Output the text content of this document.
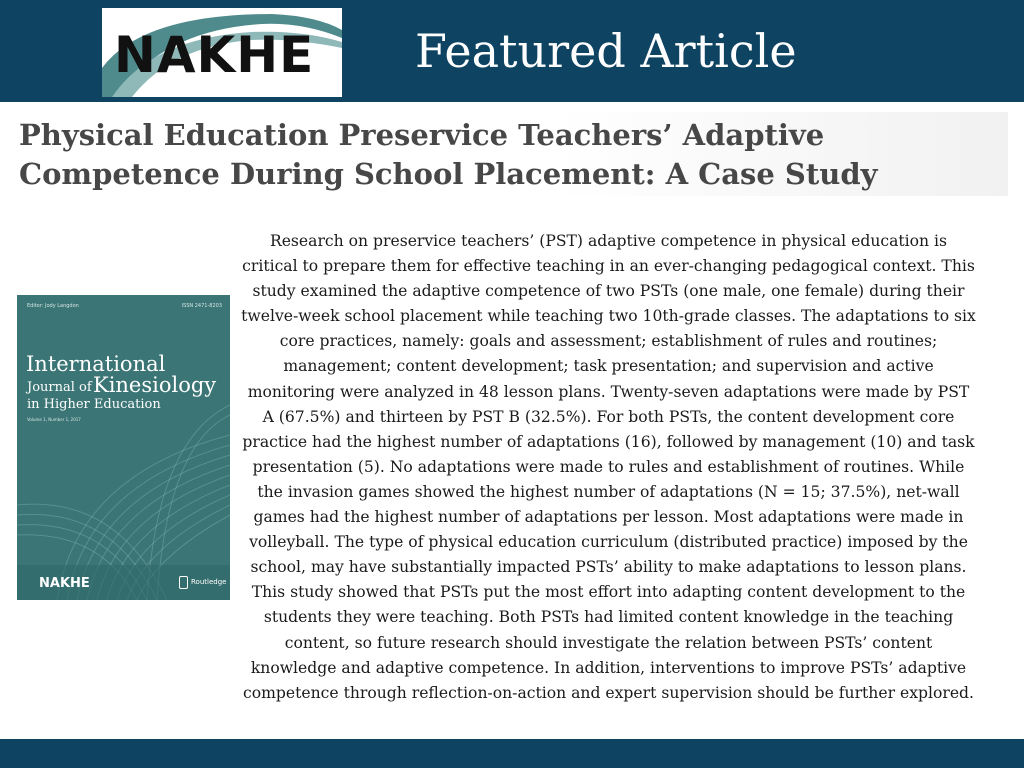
NAKHE Featured Article
Physical Education Preservice Teachers’ Adaptive Competence During School Placement: A Case Study
Editor: Jody Langdon	ISSN 2471-8203
International
Journal of Kinesiology
in Higher Education
Volume 1, Number 1, 2017
NAKHE	Routledge

Research on preservice teachers’ (PST) adaptive competence in physical education is critical to prepare them for effective teaching in an ever-changing pedagogical context. This study examined the adaptive competence of two PSTs (one male, one female) during their twelve-week school placement while teaching two 10th-grade classes. The adaptations to six core practices, namely: goals and assessment; establishment of rules and routines; management; content development; task presentation; and supervision and active monitoring were analyzed in 48 lesson plans. Twenty-seven adaptations were made by PST A (67.5%) and thirteen by PST B (32.5%). For both PSTs, the content development core practice had the highest number of adaptations (16), followed by management (10) and task presentation (5). No adaptations were made to rules and establishment of routines. While the invasion games showed the highest number of adaptations (N = 15; 37.5%), net-wall games had the highest number of adaptations per lesson. Most adaptations were made in volleyball. The type of physical education curriculum (distributed practice) imposed by the school, may have substantially impacted PSTs’ ability to make adaptations to lesson plans. This study showed that PSTs put the most effort into adapting content development to the students they were teaching. Both PSTs had limited content knowledge in the teaching content, so future research should investigate the relation between PSTs’ content knowledge and adaptive competence. In addition, interventions to improve PSTs’ adaptive competence through reflection-on-action and expert supervision should be further explored.
